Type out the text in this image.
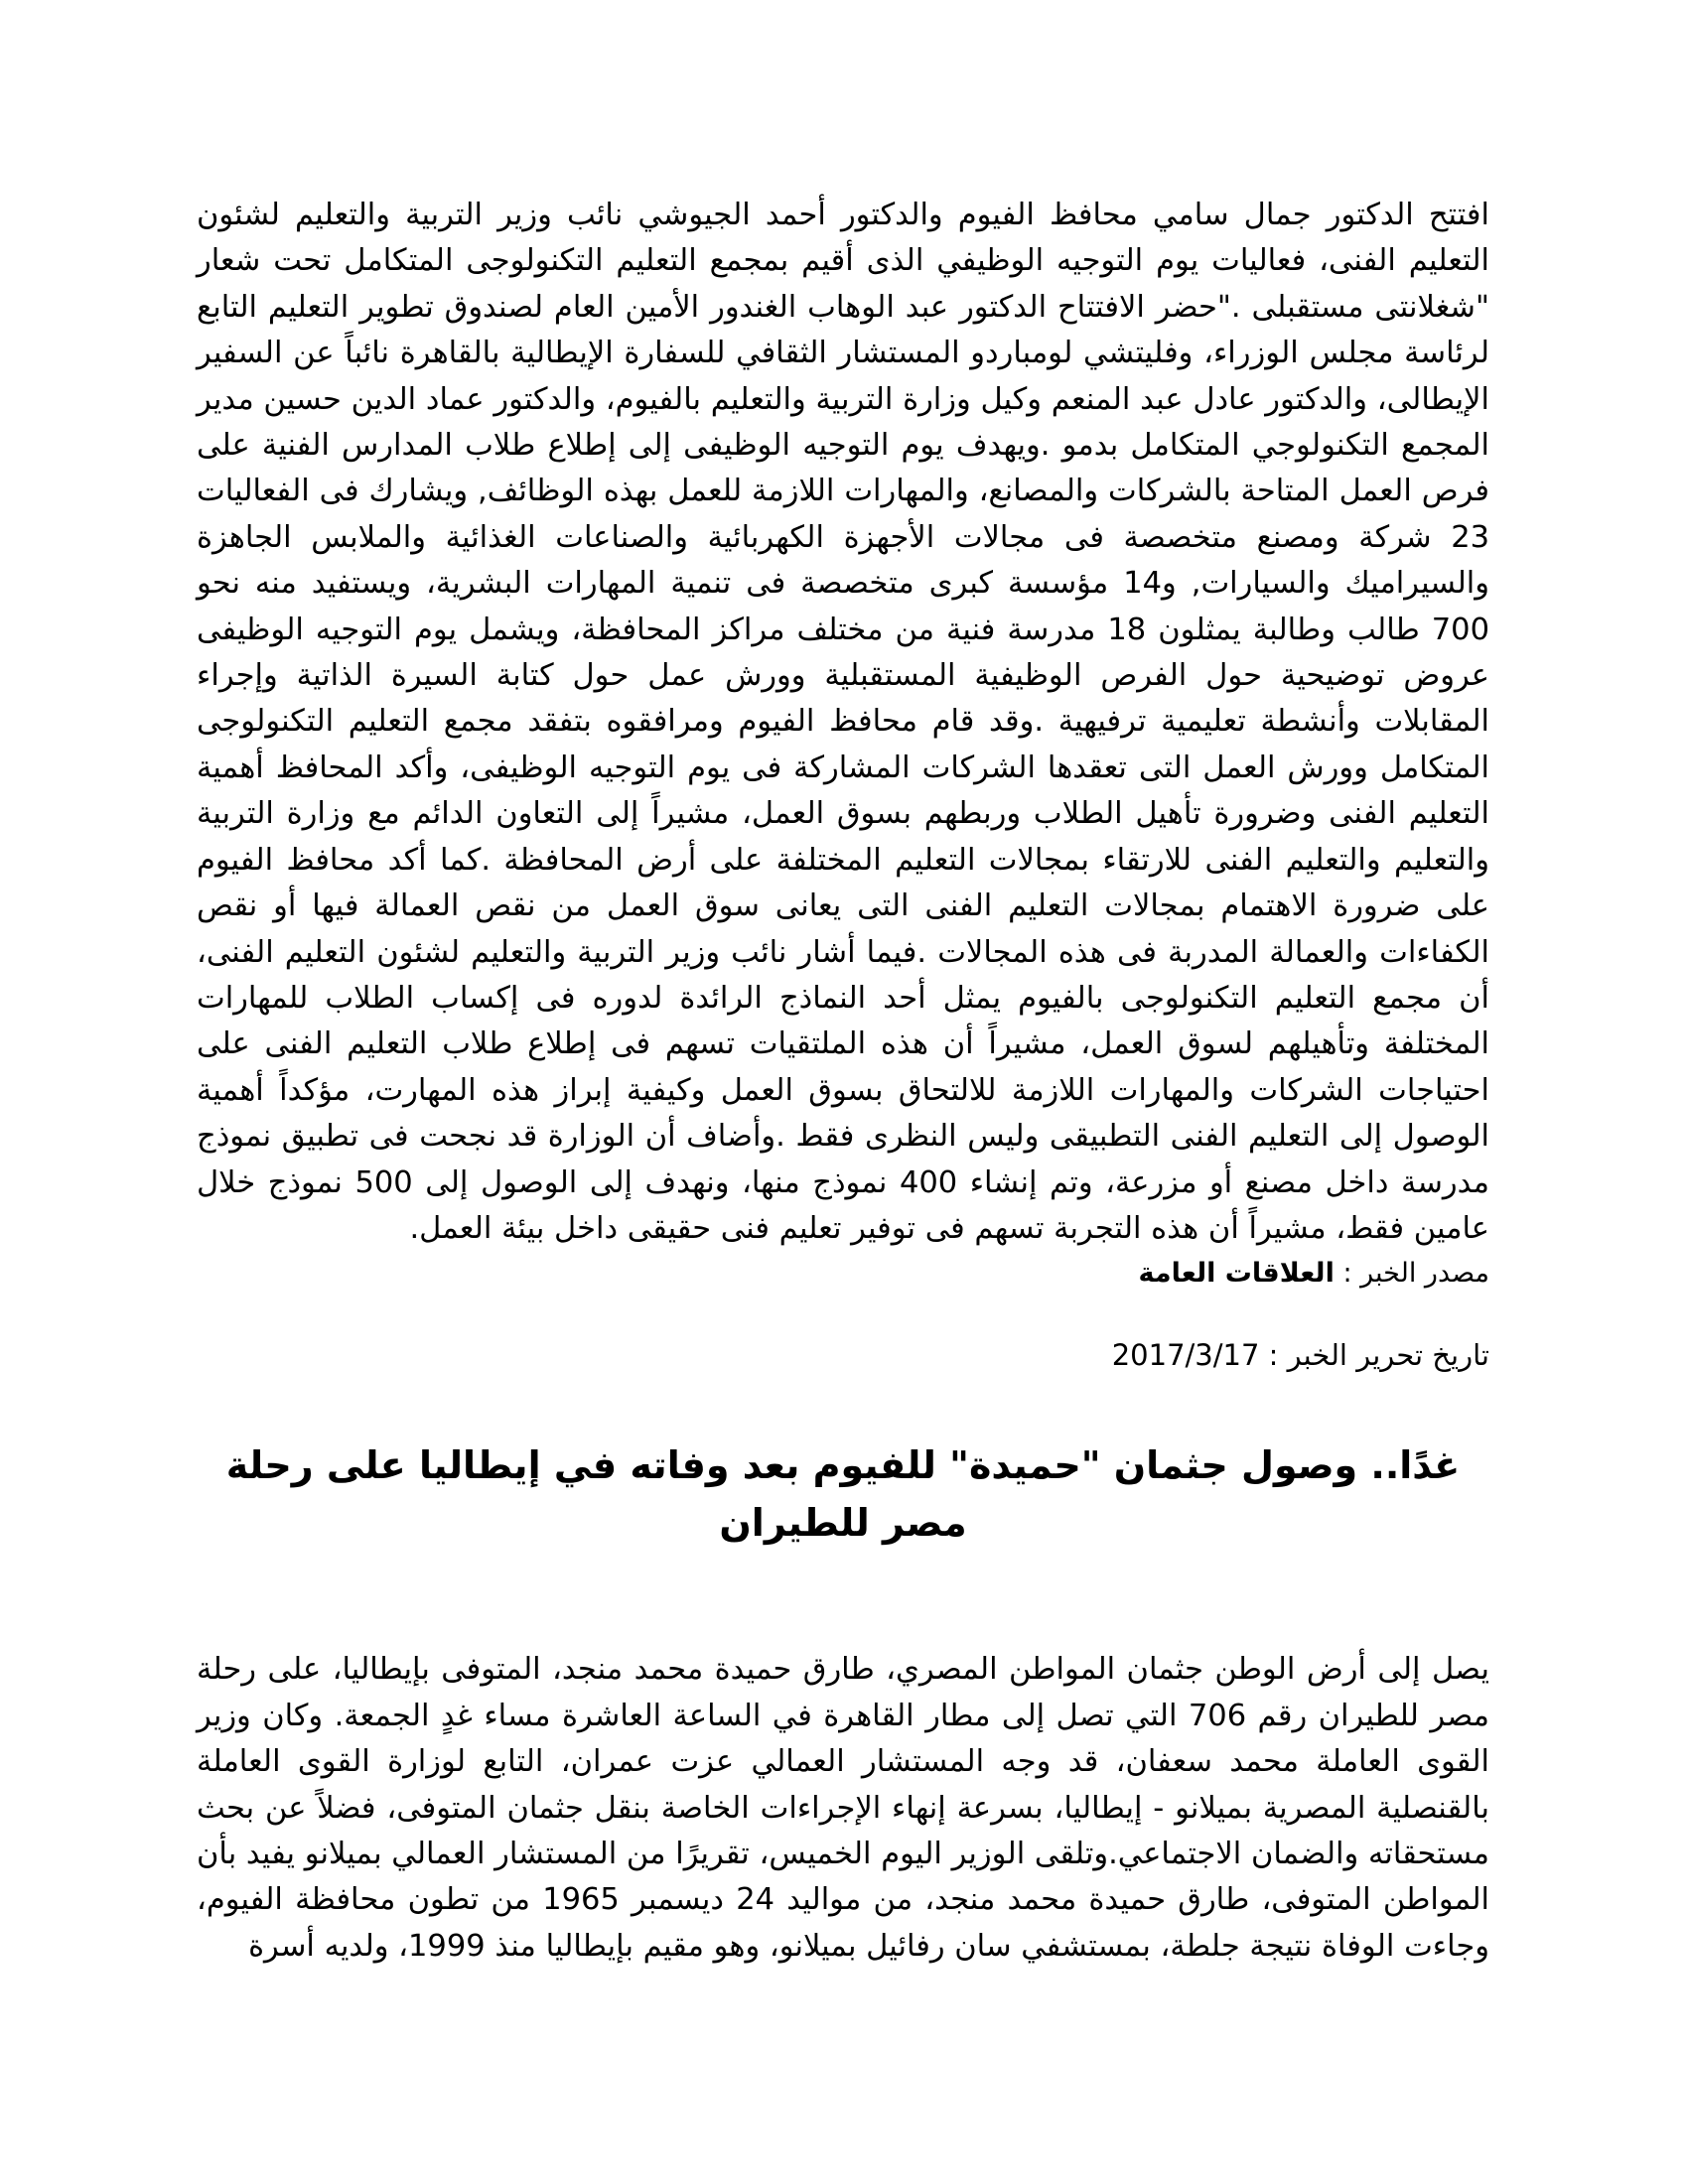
افتتح الدكتور جمال سامي محافظ الفيوم والدكتور أحمد الجيوشي نائب وزير التربية والتعليم لشئون التعليم الفنى، فعاليات يوم التوجيه الوظيفي الذى أقيم بمجمع التعليم التكنولوجى المتكامل تحت شعار "شغلانتى مستقبلى ."حضر الافتتاح الدكتور عبد الوهاب الغندور الأمين العام لصندوق تطوير التعليم التابع لرئاسة مجلس الوزراء، وفليتشي لومباردو المستشار الثقافي للسفارة الإيطالية بالقاهرة نائباً عن السفير الإيطالى، والدكتور عادل عبد المنعم وكيل وزارة التربية والتعليم بالفيوم، والدكتور عماد الدين حسين مدير المجمع التكنولوجي المتكامل بدمو .ويهدف يوم التوجيه الوظيفى إلى إطلاع طلاب المدارس الفنية على فرص العمل المتاحة بالشركات والمصانع، والمهارات اللازمة للعمل بهذه الوظائف, ويشارك فى الفعاليات 23 شركة ومصنع متخصصة فى مجالات الأجهزة الكهربائية والصناعات الغذائية والملابس الجاهزة والسيراميك والسيارات, و14 مؤسسة كبرى متخصصة فى تنمية المهارات البشرية، ويستفيد منه نحو 700 طالب وطالبة يمثلون 18 مدرسة فنية من مختلف مراكز المحافظة، ويشمل يوم التوجيه الوظيفى عروض توضيحية حول الفرص الوظيفية المستقبلية وورش عمل حول كتابة السيرة الذاتية وإجراء المقابلات وأنشطة تعليمية ترفيهية .وقد قام محافظ الفيوم ومرافقوه بتفقد مجمع التعليم التكنولوجى المتكامل وورش العمل التى تعقدها الشركات المشاركة فى يوم التوجيه الوظيفى، وأكد المحافظ أهمية التعليم الفنى وضرورة تأهيل الطلاب وربطهم بسوق العمل، مشيراً إلى التعاون الدائم مع وزارة التربية والتعليم والتعليم الفنى للارتقاء بمجالات التعليم المختلفة على أرض المحافظة .كما أكد محافظ الفيوم على ضرورة الاهتمام بمجالات التعليم الفنى التى يعانى سوق العمل من نقص العمالة فيها أو نقص الكفاءات والعمالة المدربة فى هذه المجالات .فيما أشار نائب وزير التربية والتعليم لشئون التعليم الفنى، أن مجمع التعليم التكنولوجى بالفيوم يمثل أحد النماذج الرائدة لدوره فى إكساب الطلاب للمهارات المختلفة وتأهيلهم لسوق العمل، مشيراً أن هذه الملتقيات تسهم فى إطلاع طلاب التعليم الفنى على احتياجات الشركات والمهارات اللازمة للالتحاق بسوق العمل وكيفية إبراز هذه المهارت، مؤكداً أهمية الوصول إلى التعليم الفنى التطبيقى وليس النظرى فقط .وأضاف أن الوزارة قد نجحت فى تطبيق نموذج مدرسة داخل مصنع أو مزرعة، وتم إنشاء 400 نموذج منها، ونهدف إلى الوصول إلى 500 نموذج خلال عامين فقط، مشيراً أن هذه التجربة تسهم فى توفير تعليم فنى حقيقى داخل بيئة العمل.

مصدر الخبر : العلاقات العامة

تاريخ تحرير الخبر : 2017/3/17

غدًا.. وصول جثمان "حميدة" للفيوم بعد وفاته في إيطاليا على رحلة مصر للطيران

يصل إلى أرض الوطن جثمان المواطن المصري، طارق حميدة محمد منجد، المتوفى بإيطاليا، على رحلة مصر للطيران رقم 706 التي تصل إلى مطار القاهرة في الساعة العاشرة مساء غدٍ الجمعة. وكان وزير القوى العاملة محمد سعفان، قد وجه المستشار العمالي عزت عمران، التابع لوزارة القوى العاملة بالقنصلية المصرية بميلانو - إيطاليا، بسرعة إنهاء الإجراءات الخاصة بنقل جثمان المتوفى، فضلاً عن بحث مستحقاته والضمان الاجتماعي.وتلقى الوزير اليوم الخميس، تقريرًا من المستشار العمالي بميلانو يفيد بأن المواطن المتوفى، طارق حميدة محمد منجد، من مواليد 24 ديسمبر 1965 من تطون محافظة الفيوم، وجاءت الوفاة نتيجة جلطة، بمستشفي سان رفائيل بميلانو، وهو مقيم بإيطاليا منذ 1999، ولديه أسرة
